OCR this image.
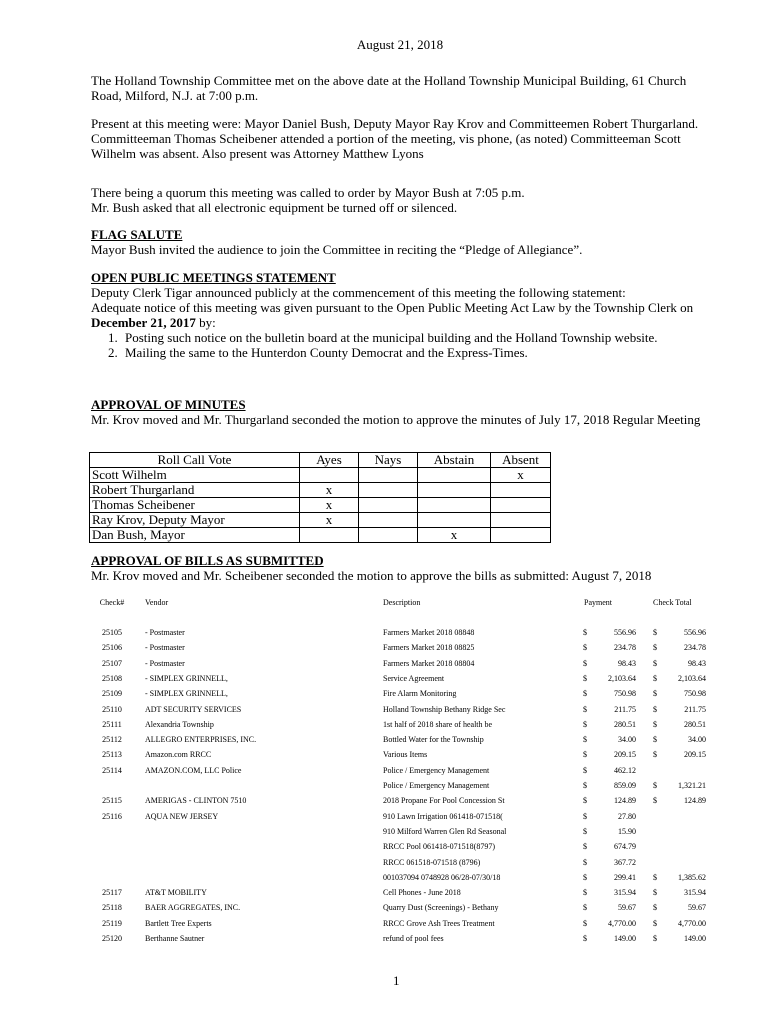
August 21, 2018

The Holland Township Committee met on the above date at the Holland Township Municipal Building, 61 Church Road, Milford, N.J. at 7:00 p.m.

Present at this meeting were: Mayor Daniel Bush, Deputy Mayor Ray Krov and Committeemen Robert Thurgarland. Committeeman Thomas Scheibener attended a portion of the meeting, vis phone, (as noted) Committeeman Scott Wilhelm was absent. Also present was Attorney Matthew Lyons

There being a quorum this meeting was called to order by Mayor Bush at 7:05 p.m.

Mr. Bush asked that all electronic equipment be turned off or silenced.

FLAG SALUTE

Mayor Bush invited the audience to join the Committee in reciting the “Pledge of Allegiance”.

OPEN PUBLIC MEETINGS STATEMENT

Deputy Clerk Tigar announced publicly at the commencement of this meeting the following statement:

Adequate notice of this meeting was given pursuant to the Open Public Meeting Act Law by the Township Clerk on December 21, 2017 by:

1. Posting such notice on the bulletin board at the municipal building and the Holland Township website.
2. Mailing the same to the Hunterdon County Democrat and the Express-Times.

APPROVAL OF MINUTES

Mr. Krov moved and Mr. Thurgarland seconded the motion to approve the minutes of July 17, 2018 Regular Meeting

Roll Call Vote	Ayes	Nays	Abstain	Absent
Scott Wilhelm				x
Robert Thurgarland	x			
Thomas Scheibener	x			
Ray Krov, Deputy Mayor	x			
Dan Bush, Mayor			x	

APPROVAL OF BILLS AS SUBMITTED

Mr. Krov moved and Mr. Scheibener seconded the motion to approve the bills as submitted: August 7, 2018

Check#	Vendor	Description	Payment	Check Total
25105	- Postmaster	Farmers Market 2018 08848	$	556.96 $	556.96
25106	- Postmaster	Farmers Market 2018 08825	$	234.78 $	234.78
25107	- Postmaster	Farmers Market 2018 08804	$	98.43 $	98.43
25108	- SIMPLEX GRINNELL,	Service Agreement	$	2,103.64 $	2,103.64
25109	- SIMPLEX GRINNELL,	Fire Alarm Monitoring	$	750.98 $	750.98
25110	ADT SECURITY SERVICES	Holland Township Bethany Ridge Sec	$	211.75 $	211.75
25111	Alexandria Township	1st half of 2018 share of health be	$	280.51 $	280.51
25112	ALLEGRO ENTERPRISES, INC.	Bottled Water for the Township	$	34.00 $	34.00
25113	Amazon.com RRCC	Various Items	$	209.15 $	209.15
25114	AMAZON.COM, LLC Police	Police / Emergency Management	$	462.12
Police / Emergency Management	$	859.09 $	1,321.21
25115	AMERIGAS - CLINTON 7510	2018 Propane For Pool Concession St	$	124.89 $	124.89
25116	AQUA NEW JERSEY	910 Lawn Irrigation 061418-071518(	$	27.80
910 Milford Warren Glen Rd Seasonal	$	15.90
RRCC Pool 061418-071518(8797)	$	674.79
RRCC 061518-071518 (8796)	$	367.72
001037094 0748928 06/28-07/30/18	$	299.41 $	1,385.62
25117	AT&T MOBILITY	Cell Phones - June 2018	$	315.94 $	315.94
25118	BAER AGGREGATES, INC.	Quarry Dust (Screenings) - Bethany	$	59.67 $	59.67
25119	Bartlett Tree Experts	RRCC Grove Ash Trees Treatment	$	4,770.00 $	4,770.00
25120	Berthanne Sautner	refund of pool fees	$	149.00 $	149.00
1
